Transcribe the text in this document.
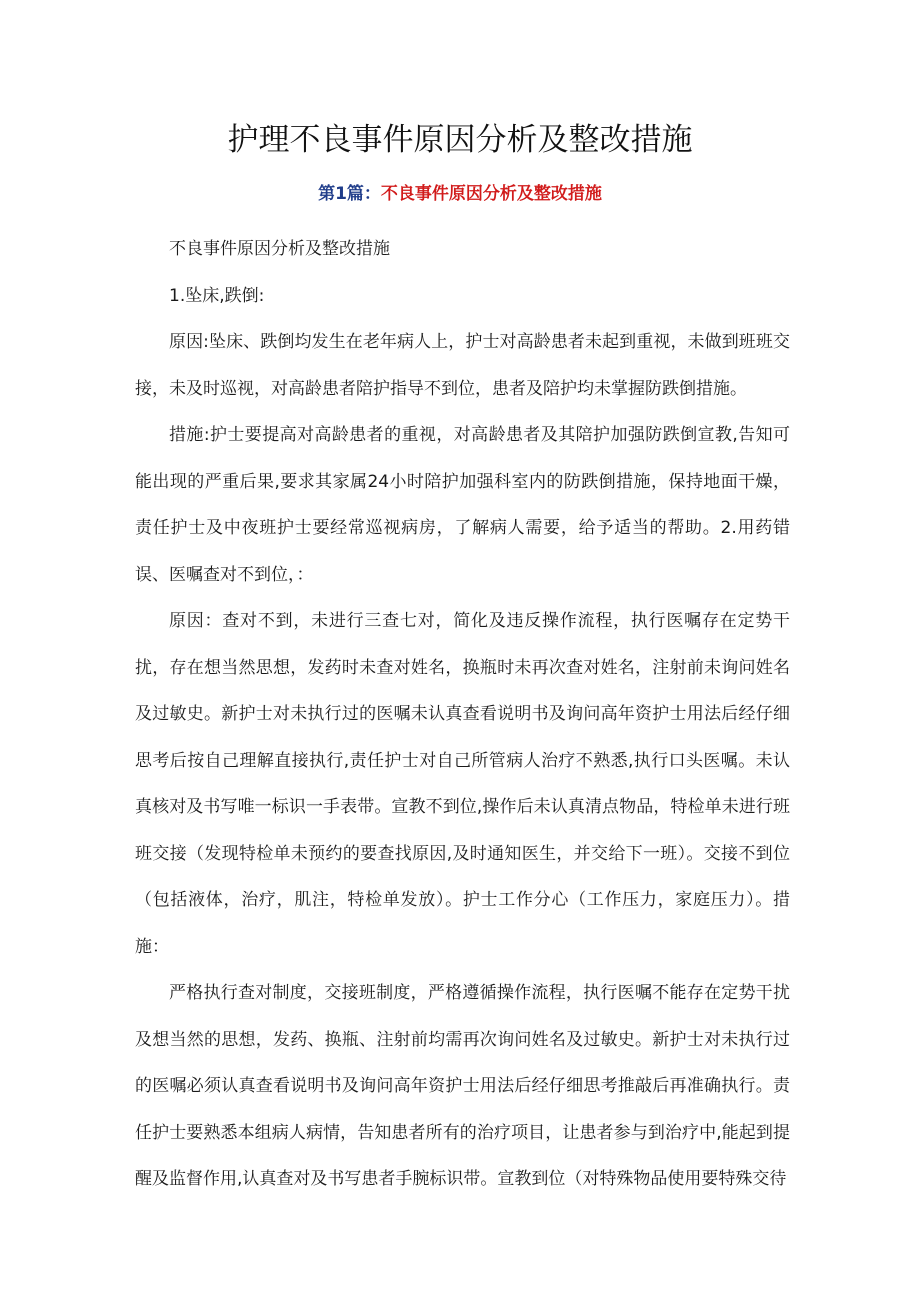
护理不良事件原因分析及整改措施
第1篇：不良事件原因分析及整改措施

不良事件原因分析及整改措施

1.坠床,跌倒:

原因:坠床、跌倒均发生在老年病人上，护士对高龄患者未起到重视，未做到班班交接，未及时巡视，对高龄患者陪护指导不到位，患者及陪护均未掌握防跌倒措施。

措施:护士要提高对高龄患者的重视，对高龄患者及其陪护加强防跌倒宣教,告知可能出现的严重后果,要求其家属24小时陪护加强科室内的防跌倒措施，保持地面干燥，责任护士及中夜班护士要经常巡视病房，了解病人需要，给予适当的帮助。2.用药错误、医嘱查对不到位，：

原因：查对不到，未进行三查七对，简化及违反操作流程，执行医嘱存在定势干扰，存在想当然思想，发药时未查对姓名，换瓶时未再次查对姓名，注射前未询问姓名及过敏史。新护士对未执行过的医嘱未认真查看说明书及询问高年资护士用法后经仔细思考后按自己理解直接执行,责任护士对自己所管病人治疗不熟悉,执行口头医嘱。未认真核对及书写唯一标识一手表带。宣教不到位,操作后未认真清点物品，特检单未进行班班交接（发现特检单未预约的要查找原因,及时通知医生，并交给下一班）。交接不到位（包括液体，治疗，肌注，特检单发放）。护士工作分心（工作压力，家庭压力）。措施：

严格执行查对制度，交接班制度，严格遵循操作流程，执行医嘱不能存在定势干扰及想当然的思想，发药、换瓶、注射前均需再次询问姓名及过敏史。新护士对未执行过的医嘱必须认真查看说明书及询问高年资护士用法后经仔细思考推敲后再准确执行。责任护士要熟悉本组病人病情，告知患者所有的治疗项目，让患者参与到治疗中,能起到提醒及监督作用,认真查对及书写患者手腕标识带。宣教到位（对特殊物品使用要特殊交待
